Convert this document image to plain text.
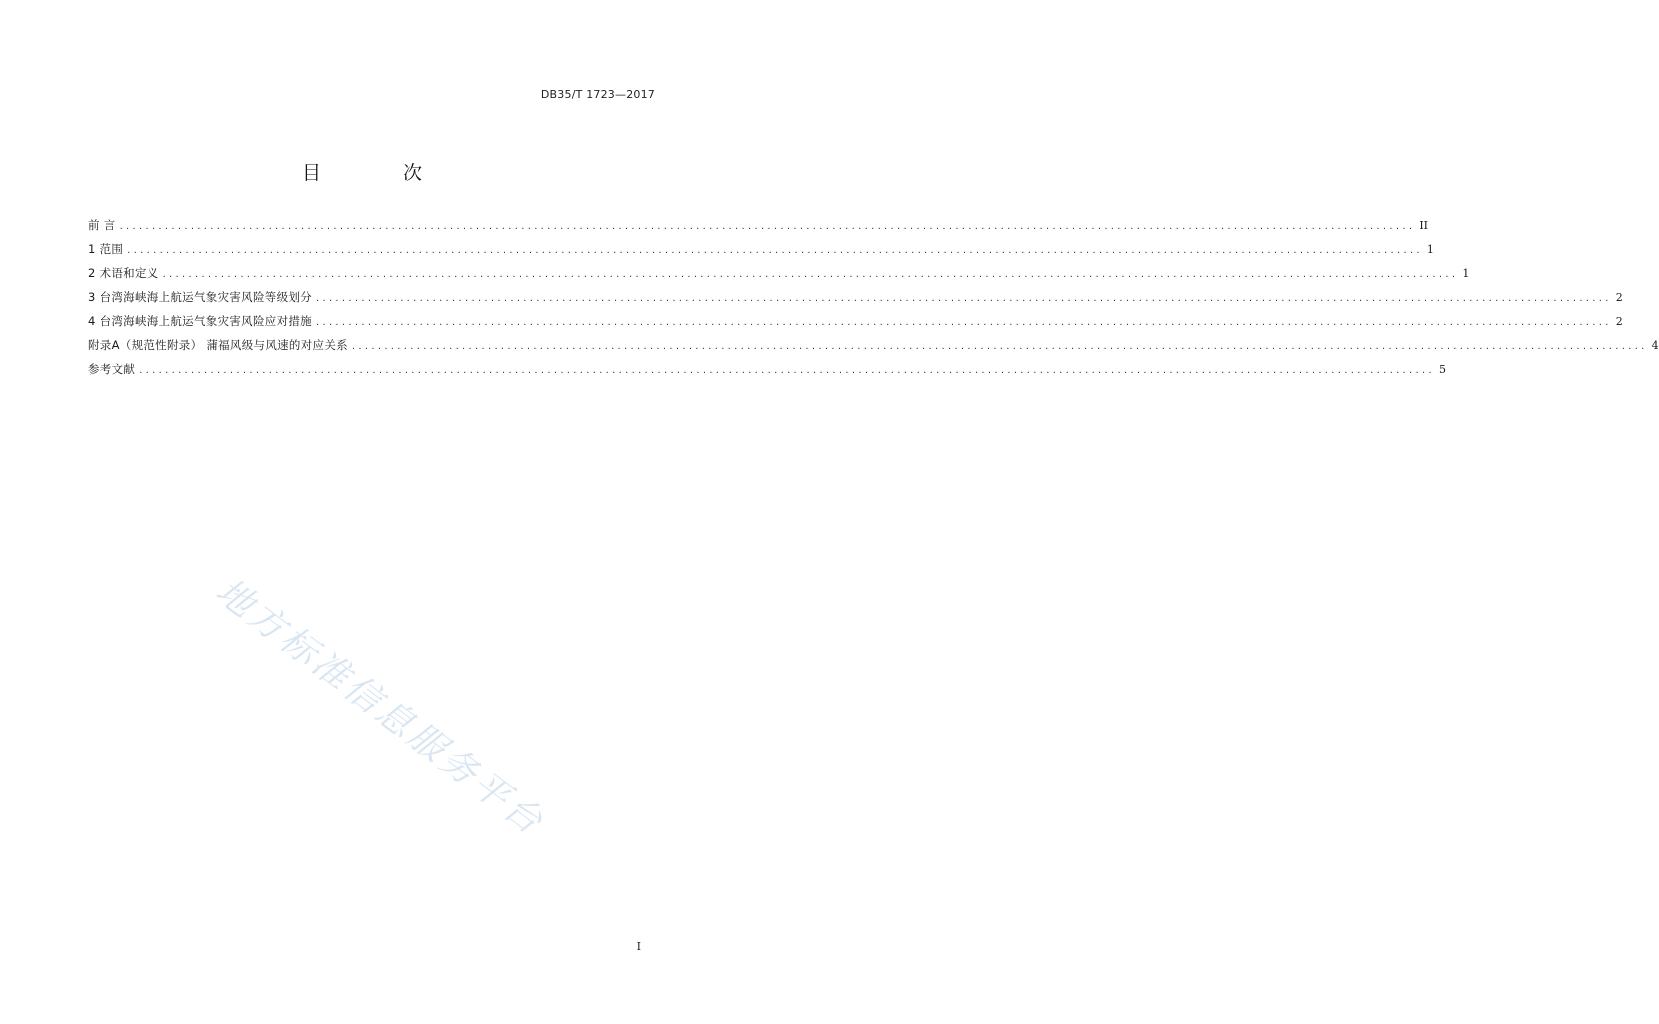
DB35/T 1723—2017
目 次
前 言 ........................................................................................................................................................................................................ II
1 范围 ........................................................................................................................................................................................................ 1
2 术语和定义 ........................................................................................................................................................................................................ 1
3 台湾海峡海上航运气象灾害风险等级划分 ........................................................................................................................................................................................................ 2
4 台湾海峡海上航运气象灾害风险应对措施 ........................................................................................................................................................................................................ 2
附录A（规范性附录） 蒲福风级与风速的对应关系 ........................................................................................................................................................................................................ 4
参考文献 ........................................................................................................................................................................................................ 5
地方标准信息服务平台
I
